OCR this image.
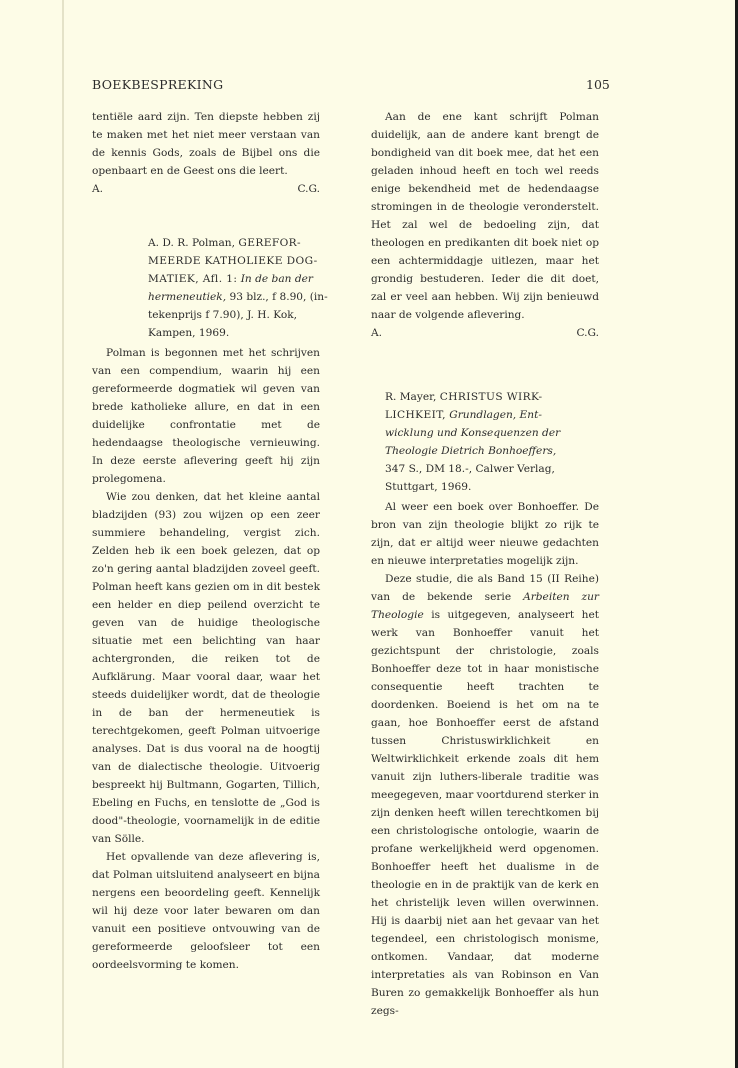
BOEKBESPREKING	105

tentiële aard zijn. Ten diepste hebben zij te maken met het niet meer verstaan van de kennis Gods, zoals de Bijbel ons die openbaart en de Geest ons die leert.

A.	C.G.
A. D. R. Polman, GEREFOR-
MEERDE KATHOLIEKE DOG-
MATIEK, Afl. 1: In de ban der
hermeneutiek, 93 blz., f 8.90, (in-
tekenprijs f 7.90), J. H. Kok,
Kampen, 1969.

Polman is begonnen met het schrijven van een compendium, waarin hij een gereformeerde dogmatiek wil geven van brede katholieke allure, en dat in een duidelijke confrontatie met de hedendaagse theologische vernieuwing. In deze eerste aflevering geeft hij zijn prolegomena.

Wie zou denken, dat het kleine aantal bladzijden (93) zou wijzen op een zeer summiere behandeling, vergist zich. Zelden heb ik een boek gelezen, dat op zo'n gering aantal bladzijden zoveel geeft. Polman heeft kans gezien om in dit bestek een helder en diep peilend overzicht te geven van de huidige theologische situatie met een belichting van haar achtergronden, die reiken tot de Aufklärung. Maar vooral daar, waar het steeds duidelijker wordt, dat de theologie in de ban der hermeneutiek is terechtgekomen, geeft Polman uitvoerige analyses. Dat is dus vooral na de hoogtij van de dialectische theologie. Uitvoerig bespreekt hij Bultmann, Gogarten, Tillich, Ebeling en Fuchs, en tenslotte de „God is dood"-theologie, voornamelijk in de editie van Sölle.

Het opvallende van deze aflevering is, dat Polman uitsluitend analyseert en bijna nergens een beoordeling geeft. Kennelijk wil hij deze voor later bewaren om dan vanuit een positieve ontvouwing van de gereformeerde geloofsleer tot een oordeelsvorming te komen.

Aan de ene kant schrijft Polman duidelijk, aan de andere kant brengt de bondigheid van dit boek mee, dat het een geladen inhoud heeft en toch wel reeds enige bekendheid met de hedendaagse stromingen in de theologie veronderstelt. Het zal wel de bedoeling zijn, dat theologen en predikanten dit boek niet op een achtermiddagje uitlezen, maar het grondig bestuderen. Ieder die dit doet, zal er veel aan hebben. Wij zijn benieuwd naar de volgende aflevering.

A.	C.G.
R. Mayer, CHRISTUS WIRK-
LICHKEIT, Grundlagen, Ent-
wicklung und Konsequenzen der
Theologie Dietrich Bonhoeffers,
347 S., DM 18.-, Calwer Verlag,
Stuttgart, 1969.

Al weer een boek over Bonhoeffer. De bron van zijn theologie blijkt zo rijk te zijn, dat er altijd weer nieuwe gedachten en nieuwe interpretaties mogelijk zijn.

Deze studie, die als Band 15 (II Reihe) van de bekende serie Arbeiten zur Theologie is uitgegeven, analyseert het werk van Bonhoeffer vanuit het gezichtspunt der christologie, zoals Bonhoeffer deze tot in haar monistische consequentie heeft trachten te doordenken. Boeiend is het om na te gaan, hoe Bonhoeffer eerst de afstand tussen Christuswirklichkeit en Weltwirklichkeit erkende zoals dit hem vanuit zijn luthers-liberale traditie was meegegeven, maar voortdurend sterker in zijn denken heeft willen terechtkomen bij een christologische ontologie, waarin de profane werkelijkheid werd opgenomen. Bonhoeffer heeft het dualisme in de theologie en in de praktijk van de kerk en het christelijk leven willen overwinnen. Hij is daarbij niet aan het gevaar van het tegendeel, een christologisch monisme, ontkomen. Vandaar, dat moderne interpretaties als van Robinson en Van Buren zo gemakkelijk Bonhoeffer als hun zegs-
